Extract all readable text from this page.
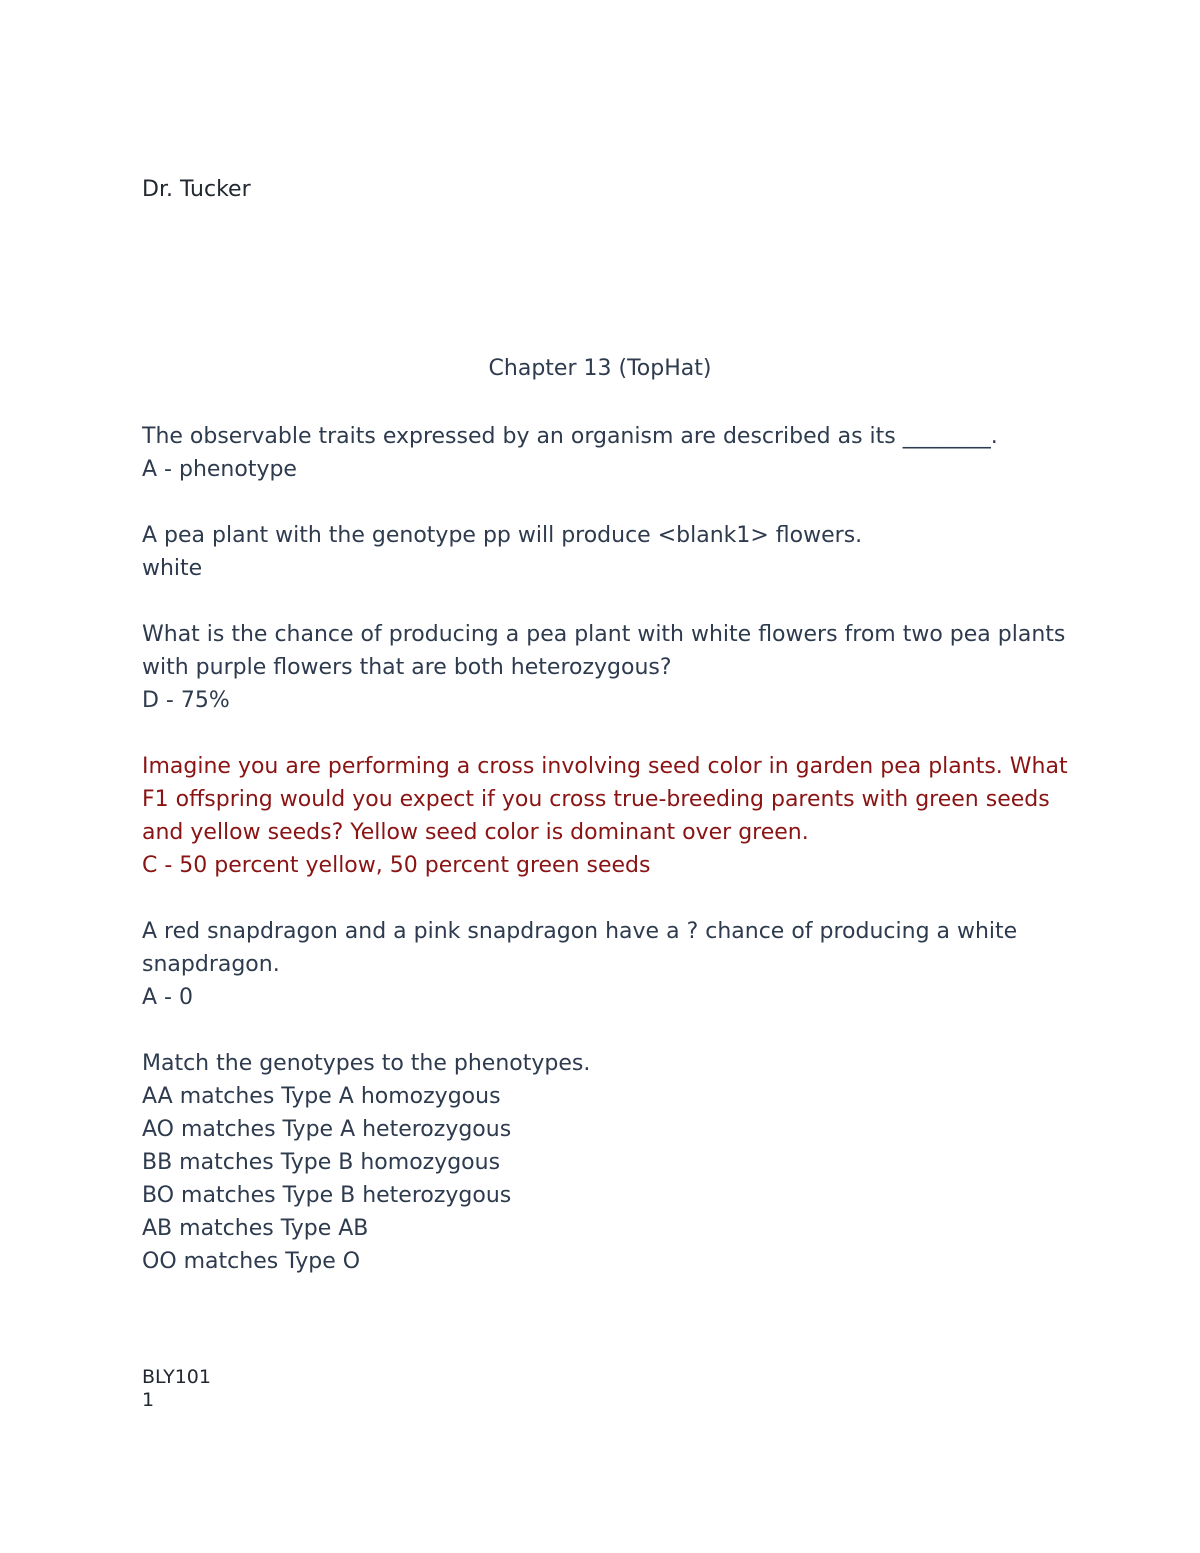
Dr. Tucker
Chapter 13 (TopHat)

The observable traits expressed by an organism are described as its ________.

A - phenotype

A pea plant with the genotype pp will produce <blank1> flowers.

white

What is the chance of producing a pea plant with white flowers from two pea plants with purple flowers that are both heterozygous?

D - 75%

Imagine you are performing a cross involving seed color in garden pea plants. What F1 offspring would you expect if you cross true-breeding parents with green seeds and yellow seeds? Yellow seed color is dominant over green.

C - 50 percent yellow, 50 percent green seeds

A red snapdragon and a pink snapdragon have a ? chance of producing a white snapdragon.

A - 0

Match the genotypes to the phenotypes.

AA matches Type A homozygous

AO matches Type A heterozygous

BB matches Type B homozygous

BO matches Type B heterozygous

AB matches Type AB

OO matches Type O

BLY101

1
